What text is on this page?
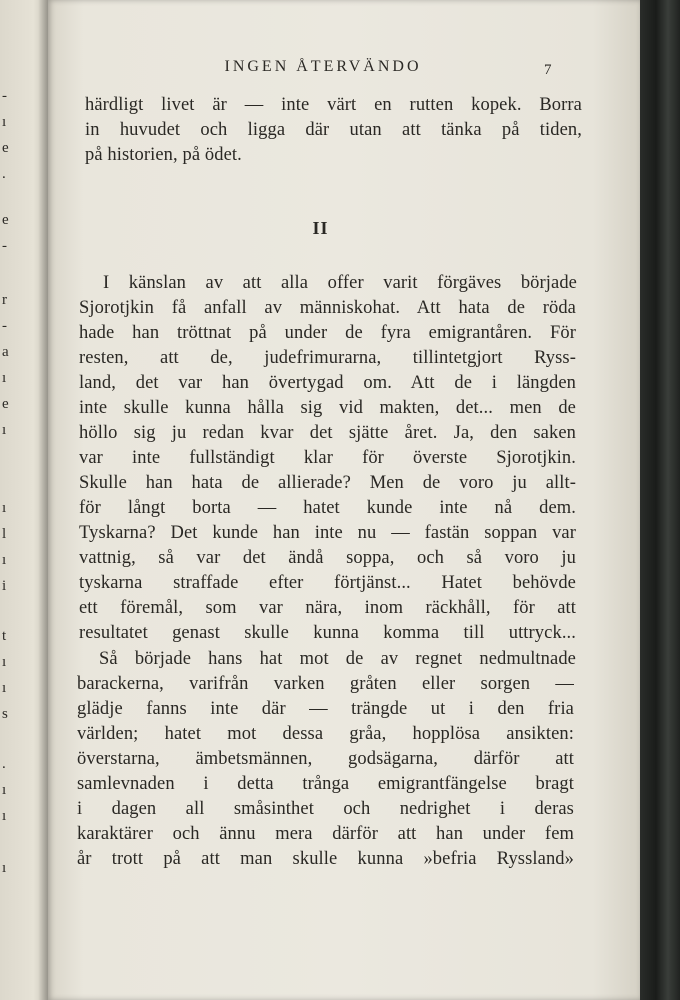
-
ı
e
.
e
-
r
-
a
ı
e
ı
ı
l
ı
i
t
ı
ı
s
.
ı
ı
ı
INGEN ÅTERVÄNDO	7
härdligt livet är — inte värt en rutten kopek. Borra
in huvudet och ligga där utan att tänka på tiden,
på historien, på ödet.
II
I känslan av att alla offer varit förgäves började
Sjorotjkin få anfall av människohat. Att hata de röda
hade han tröttnat på under de fyra emigrantåren. För
resten, att de, judefrimurarna, tillintetgjort Ryss-
land, det var han övertygad om. Att de i längden
inte skulle kunna hålla sig vid makten, det... men de
höllo sig ju redan kvar det sjätte året. Ja, den saken
var inte fullständigt klar för överste Sjorotjkin.
Skulle han hata de allierade? Men de voro ju allt-
för långt borta — hatet kunde inte nå dem.
Tyskarna? Det kunde han inte nu — fastän soppan var
vattnig, så var det ändå soppa, och så voro ju
tyskarna straffade efter förtjänst... Hatet behövde
ett föremål, som var nära, inom räckhåll, för att
resultatet genast skulle kunna komma till uttryck...
Så började hans hat mot de av regnet nedmultnade
barackerna, varifrån varken gråten eller sorgen —
glädje fanns inte där — trängde ut i den fria
världen; hatet mot dessa gråa, hopplösa ansikten:
överstarna, ämbetsmännen, godsägarna, därför att
samlevnaden i detta trånga emigrantfängelse bragt
i dagen all småsinthet och nedrighet i deras
karaktärer och ännu mera därför att han under fem
år trott på att man skulle kunna »befria Ryssland»
